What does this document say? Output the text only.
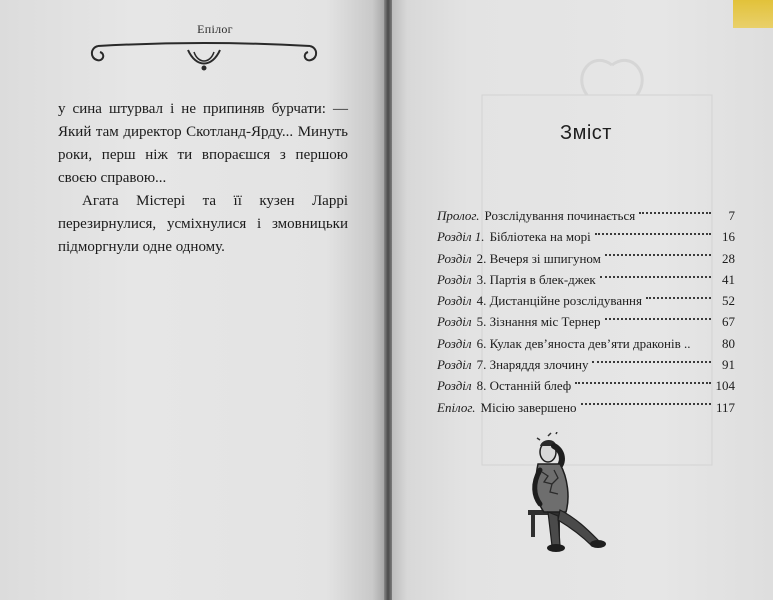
Епілог

у сина штурвал і не припиняв бурчати: — Який там директор Скотланд-Ярду... Минуть роки, перш ніж ти впораєшся з першою своєю справою...

Агата Містері та її кузен Ларрі перезирнулися, усміхнулися і змовницьки підморгнули одне одному.

Зміст
Пролог. Розслідування починається	7
Розділ 1. Бібліотека на морі	16
Розділ 2. Вечеря зі шпигуном	28
Розділ 3. Партія в блек-джек	41
Розділ 4. Дистанційне розслідування	52
Розділ 5. Зізнання міс Тернер	67
Розділ 6. Кулак дев’яноста дев’яти драконів ..	80
Розділ 7. Знаряддя злочину	91
Розділ 8. Останній блеф	104
Епілог. Місію завершено	117
